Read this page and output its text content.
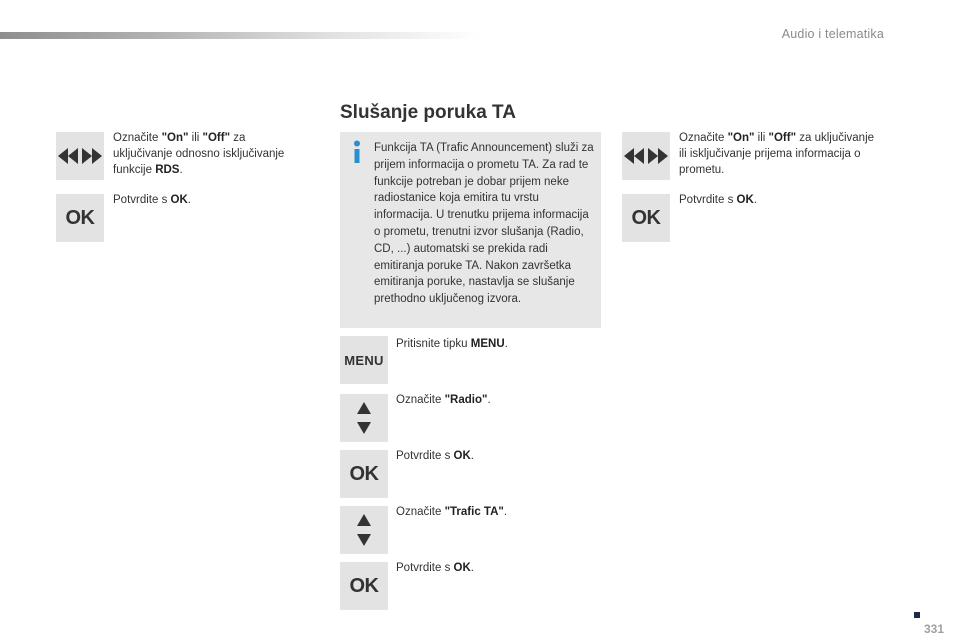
Audio i telematika
Slušanje poruka TA
Označite "On" ili "Off" za uključivanje odnosno isključivanje funkcije RDS.
OK
Potvrdite s OK.
Funkcija TA (Trafic Announcement) služi za prijem informacija o prometu TA. Za rad te funkcije potreban je dobar prijem neke radiostanice koja emitira tu vrstu informacija. U trenutku prijema informacija o prometu, trenutni izvor slušanja (Radio, CD, ...) automatski se prekida radi emitiranja poruke TA. Nakon završetka emitiranja poruke, nastavlja se slušanje prethodno uključenog izvora.
MENU
Pritisnite tipku MENU.
Označite "Radio".
OK
Potvrdite s OK.
Označite "Trafic TA".
OK
Potvrdite s OK.
Označite "On" ili "Off" za uključivanje ili isključivanje prijema informacija o prometu.
OK
Potvrdite s OK.
331
